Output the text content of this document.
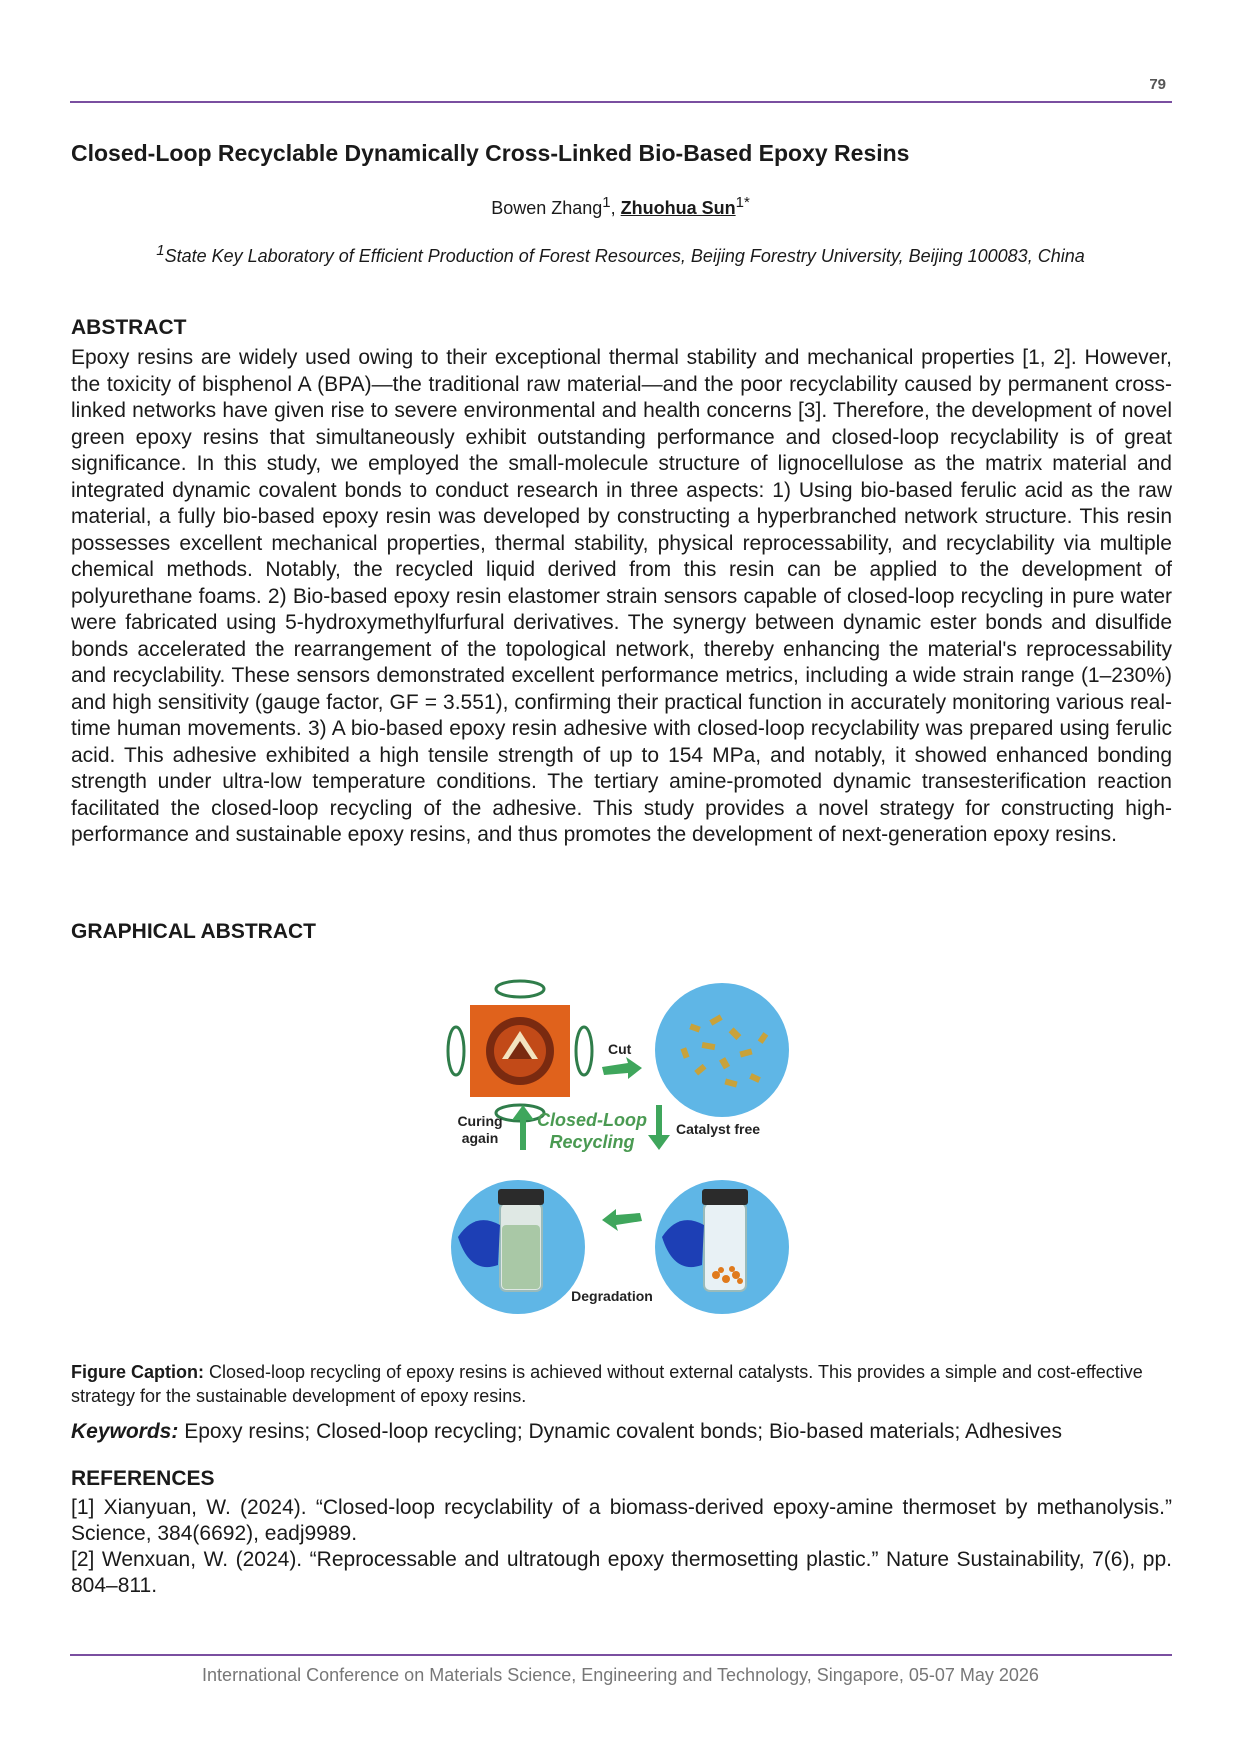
79
Closed-Loop Recyclable Dynamically Cross-Linked Bio-Based Epoxy Resins
Bowen Zhang$^1$, Zhuohua Sun$^{1*}$
$^1$State Key Laboratory of Efficient Production of Forest Resources, Beijing Forestry University, Beijing 100083, China
ABSTRACT
Epoxy resins are widely used owing to their exceptional thermal stability and mechanical properties [1, 2]. However, the toxicity of bisphenol A (BPA)—the traditional raw material—and the poor recyclability caused by permanent cross-linked networks have given rise to severe environmental and health concerns [3]. Therefore, the development of novel green epoxy resins that simultaneously exhibit outstanding performance and closed-loop recyclability is of great significance. In this study, we employed the small-molecule structure of lignocellulose as the matrix material and integrated dynamic covalent bonds to conduct research in three aspects: 1) Using bio-based ferulic acid as the raw material, a fully bio-based epoxy resin was developed by constructing a hyperbranched network structure. This resin possesses excellent mechanical properties, thermal stability, physical reprocessability, and recyclability via multiple chemical methods. Notably, the recycled liquid derived from this resin can be applied to the development of polyurethane foams. 2) Bio-based epoxy resin elastomer strain sensors capable of closed-loop recycling in pure water were fabricated using 5-hydroxymethylfurfural derivatives. The synergy between dynamic ester bonds and disulfide bonds accelerated the rearrangement of the topological network, thereby enhancing the material's reprocessability and recyclability. These sensors demonstrated excellent performance metrics, including a wide strain range (1–230%) and high sensitivity (gauge factor, GF = 3.551), confirming their practical function in accurately monitoring various real-time human movements. 3) A bio-based epoxy resin adhesive with closed-loop recyclability was prepared using ferulic acid. This adhesive exhibited a high tensile strength of up to 154 MPa, and notably, it showed enhanced bonding strength under ultra-low temperature conditions. The tertiary amine-promoted dynamic transesterification reaction facilitated the closed-loop recycling of the adhesive. This study provides a novel strategy for constructing high-performance and sustainable epoxy resins, and thus promotes the development of next-generation epoxy resins.
GRAPHICAL ABSTRACT
Closed-Loop
Recycling
Cut
Catalyst free
Degradation
Curing
again
Figure Caption: Closed-loop recycling of epoxy resins is achieved without external catalysts. This provides a simple and cost-effective strategy for the sustainable development of epoxy resins.
Keywords: Epoxy resins; Closed-loop recycling; Dynamic covalent bonds; Bio-based materials; Adhesives
REFERENCES
[1] Xianyuan, W. (2024). “Closed-loop recyclability of a biomass-derived epoxy-amine thermoset by methanolysis.” Science, 384(6692), eadj9989.
[2] Wenxuan, W. (2024). “Reprocessable and ultratough epoxy thermosetting plastic.” Nature Sustainability, 7(6), pp. 804–811.
International Conference on Materials Science, Engineering and Technology, Singapore, 05-07 May 2026
